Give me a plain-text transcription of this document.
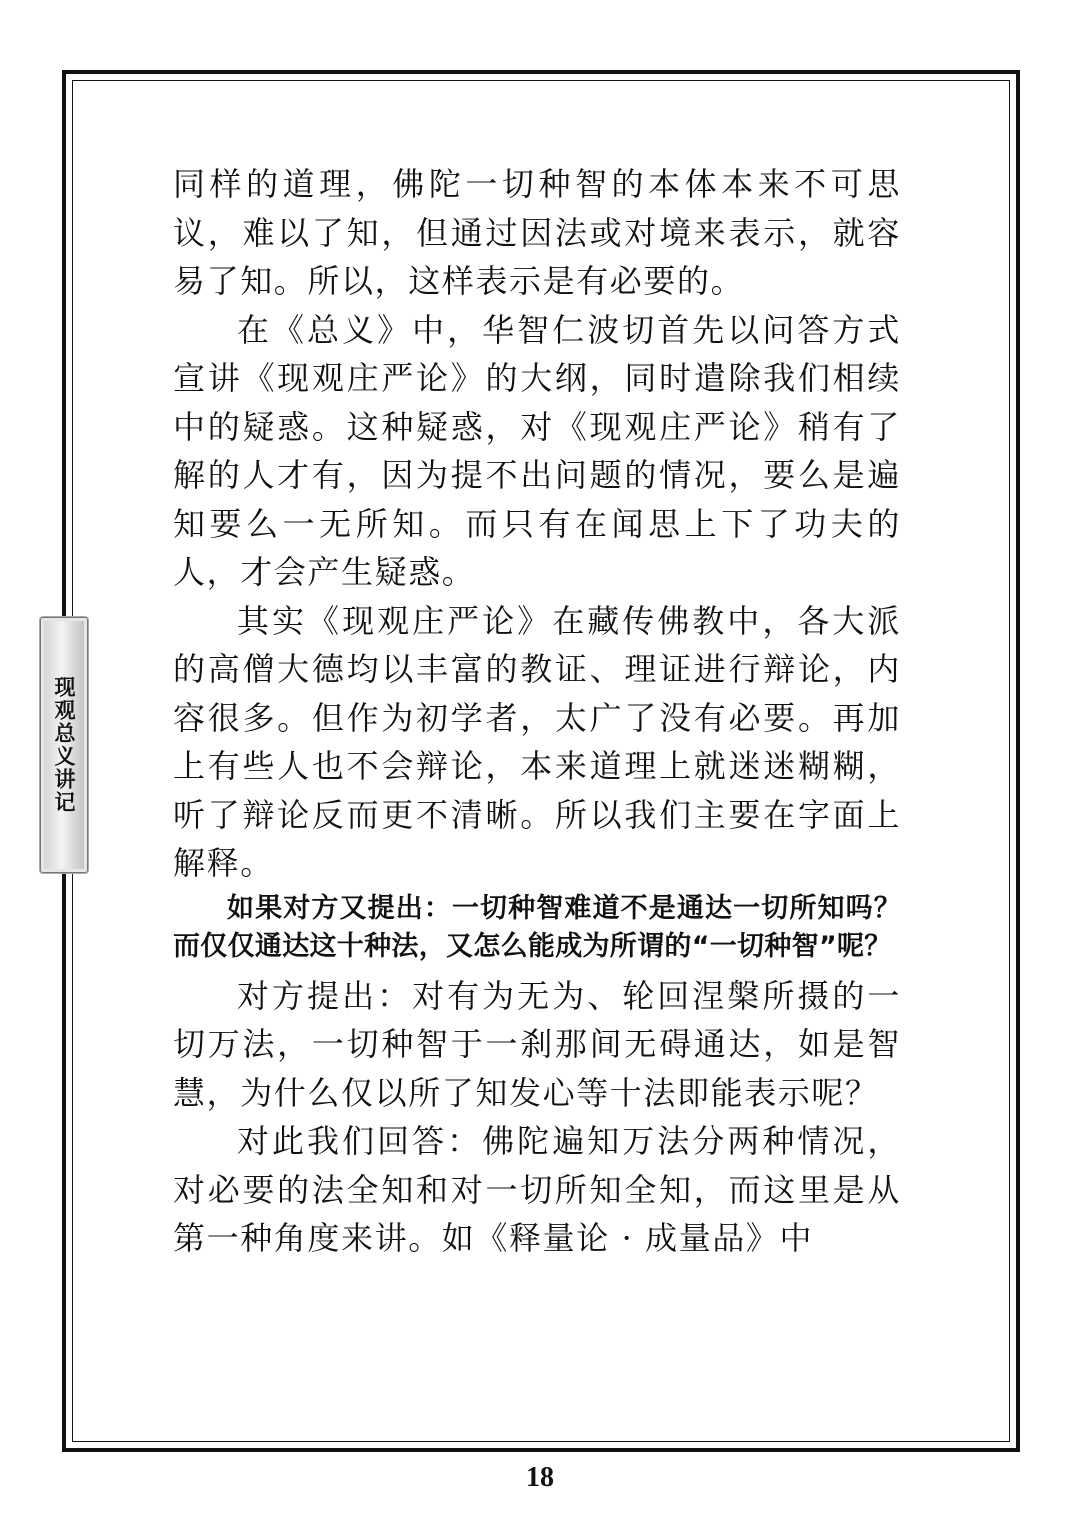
现观总义讲记

同样的道理，佛陀一切种智的本体本来不可思议，难以了知，但通过因法或对境来表示，就容易了知。所以，这样表示是有必要的。

在《总义》中，华智仁波切首先以问答方式宣讲《现观庄严论》的大纲，同时遣除我们相续中的疑惑。这种疑惑，对《现观庄严论》稍有了解的人才有，因为提不出问题的情况，要么是遍知要么一无所知。而只有在闻思上下了功夫的人，才会产生疑惑。

其实《现观庄严论》在藏传佛教中，各大派的高僧大德均以丰富的教证、理证进行辩论，内容很多。但作为初学者，太广了没有必要。再加上有些人也不会辩论，本来道理上就迷迷糊糊，听了辩论反而更不清晰。所以我们主要在字面上解释。

如果对方又提出：一切种智难道不是通达一切所知吗？而仅仅通达这十种法，又怎么能成为所谓的“一切种智”呢？

对方提出：对有为无为、轮回涅槃所摄的一切万法，一切种智于一刹那间无碍通达，如是智慧，为什么仅以所了知发心等十法即能表示呢？

对此我们回答：佛陀遍知万法分两种情况，对必要的法全知和对一切所知全知，而这里是从第一种角度来讲。如《释量论 · 成量品》中

18
